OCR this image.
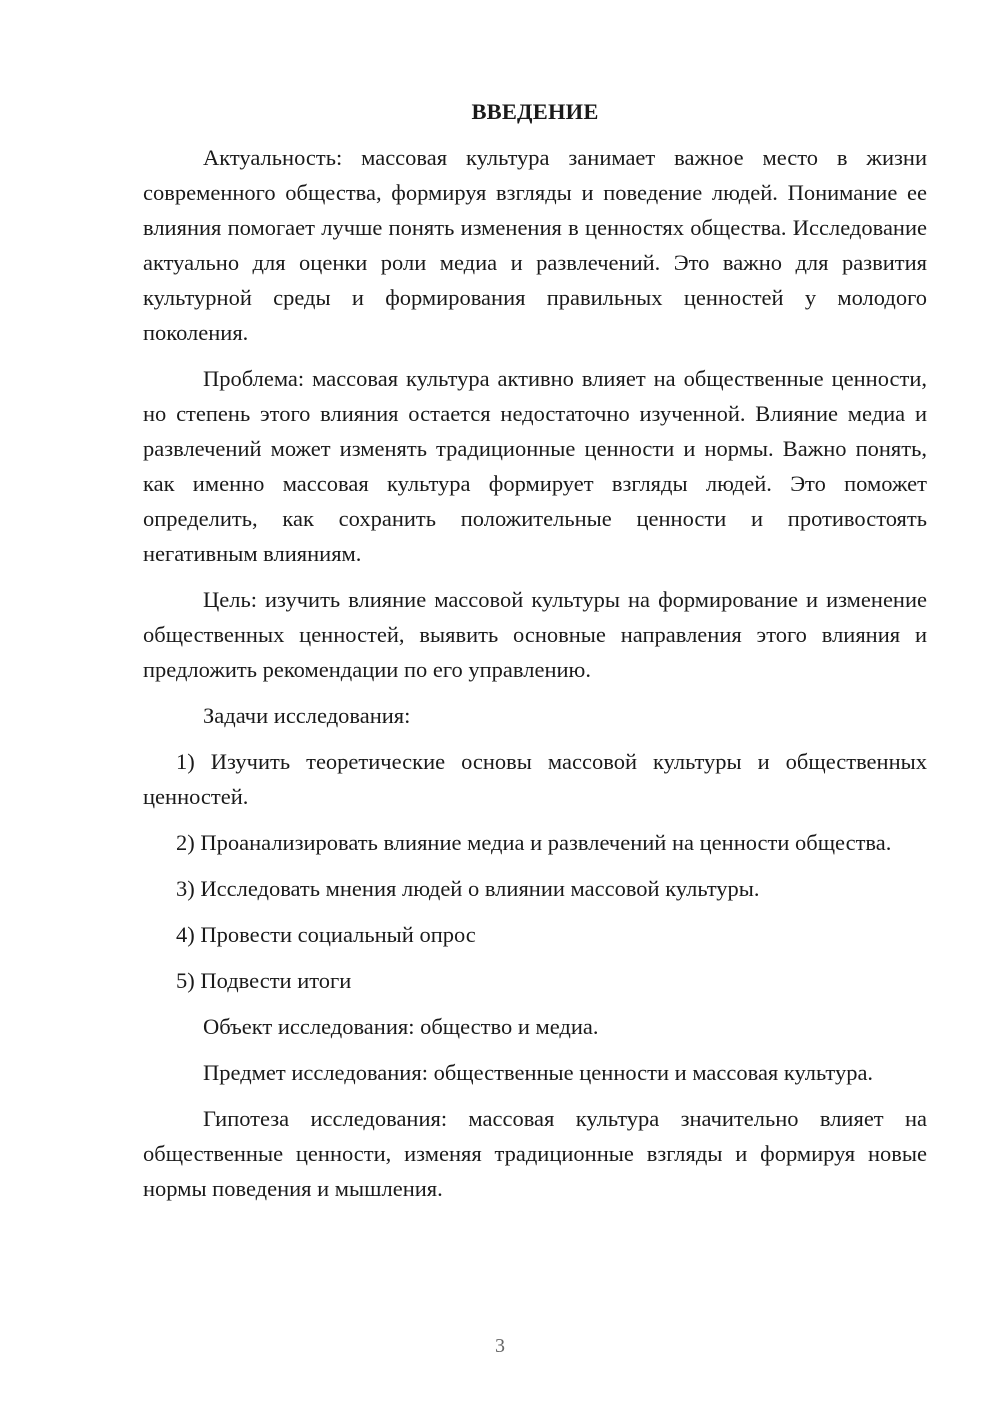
ВВЕДЕНИЕ

Актуальность: массовая культура занимает важное место в жизни современного общества, формируя взгляды и поведение людей. Понимание ее влияния помогает лучше понять изменения в ценностях общества. Исследование актуально для оценки роли медиа и развлечений. Это важно для развития культурной среды и формирования правильных ценностей у молодого поколения.

Проблема: массовая культура активно влияет на общественные ценности, но степень этого влияния остается недостаточно изученной. Влияние медиа и развлечений может изменять традиционные ценности и нормы. Важно понять, как именно массовая культура формирует взгляды людей. Это поможет определить, как сохранить положительные ценности и противостоять негативным влияниям.

Цель: изучить влияние массовой культуры на формирование и изменение общественных ценностей, выявить основные направления этого влияния и предложить рекомендации по его управлению.

Задачи исследования:

1) Изучить теоретические основы массовой культуры и общественных ценностей.

2) Проанализировать влияние медиа и развлечений на ценности общества.

3) Исследовать мнения людей о влиянии массовой культуры.

4) Провести социальный опрос

5) Подвести итоги

Объект исследования: общество и медиа.

Предмет исследования: общественные ценности и массовая культура.

Гипотеза исследования: массовая культура значительно влияет на общественные ценности, изменяя традиционные взгляды и формируя новые нормы поведения и мышления.

3
